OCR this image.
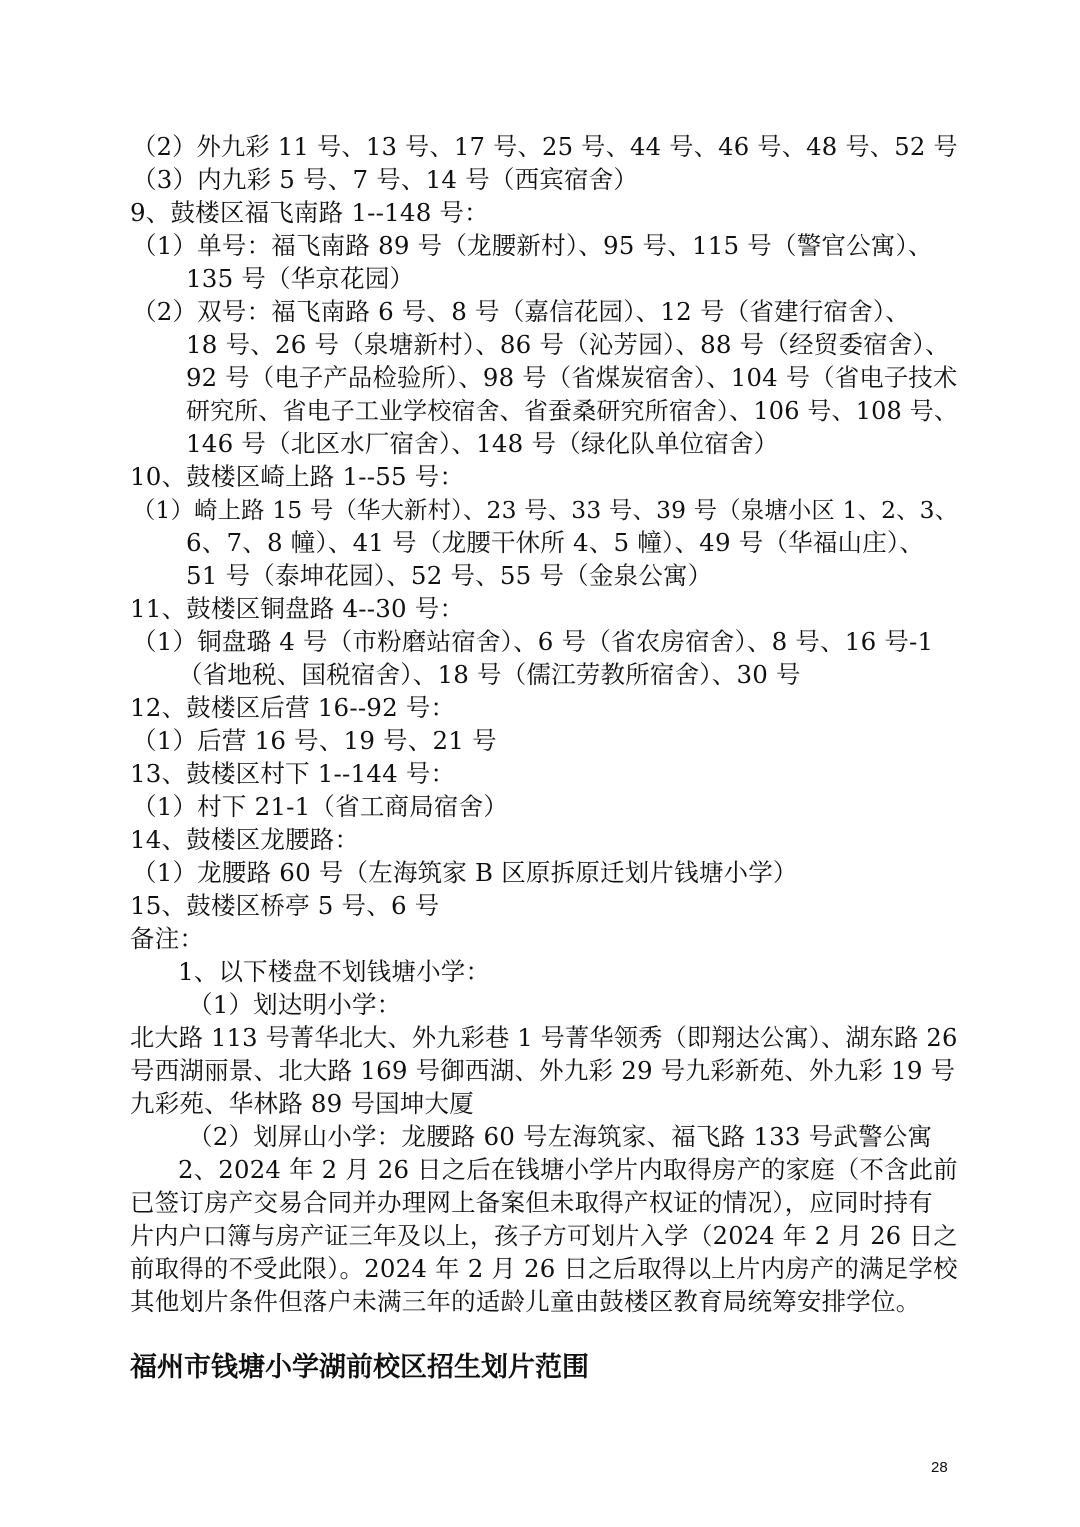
（2）外九彩 11 号、13 号、17 号、25 号、44 号、46 号、48 号、52 号
（3）内九彩 5 号、7 号、14 号（西宾宿舍）
9、鼓楼区福飞南路 1--148 号：
（1）单号：福飞南路 89 号（龙腰新村）、95 号、115 号（警官公寓）、
135 号（华京花园）
（2）双号：福飞南路 6 号、8 号（嘉信花园）、12 号（省建行宿舍）、
18 号、26 号（泉塘新村）、86 号（沁芳园）、88 号（经贸委宿舍）、
92 号（电子产品检验所）、98 号（省煤炭宿舍）、104 号（省电子技术
研究所、省电子工业学校宿舍、省蚕桑研究所宿舍）、106 号、108 号、
146 号（北区水厂宿舍）、148 号（绿化队单位宿舍）
10、鼓楼区崎上路 1--55 号：
（1）崎上路 15 号（华大新村）、23 号、33 号、39 号（泉塘小区 1、2、3、
6、7、8 幢）、41 号（龙腰干休所 4、5 幢）、49 号（华福山庄）、
51 号（泰坤花园）、52 号、55 号（金泉公寓）
11、鼓楼区铜盘路 4--30 号：
（1）铜盘璐 4 号（市粉磨站宿舍）、6 号（省农房宿舍）、8 号、16 号-1
（省地税、国税宿舍）、18 号（儒江劳教所宿舍）、30 号
12、鼓楼区后营 16--92 号：
（1）后营 16 号、19 号、21 号
13、鼓楼区村下 1--144 号：
（1）村下 21-1（省工商局宿舍）
14、鼓楼区龙腰路：
（1）龙腰路 60 号（左海筑家 B 区原拆原迁划片钱塘小学）
15、鼓楼区桥亭 5 号、6 号
备注：
1、以下楼盘不划钱塘小学：
（1）划达明小学：
北大路 113 号菁华北大、外九彩巷 1 号菁华领秀（即翔达公寓）、湖东路 26
号西湖丽景、北大路 169 号御西湖、外九彩 29 号九彩新苑、外九彩 19 号
九彩苑、华林路 89 号国坤大厦
（2）划屏山小学：龙腰路 60 号左海筑家、福飞路 133 号武警公寓
2、2024 年 2 月 26 日之后在钱塘小学片内取得房产的家庭（不含此前
已签订房产交易合同并办理网上备案但未取得产权证的情况），应同时持有
片内户口簿与房产证三年及以上，孩子方可划片入学（2024 年 2 月 26 日之
前取得的不受此限）。2024 年 2 月 26 日之后取得以上片内房产的满足学校
其他划片条件但落户未满三年的适龄儿童由鼓楼区教育局统筹安排学位。
福州市钱塘小学湖前校区招生划片范围
28
